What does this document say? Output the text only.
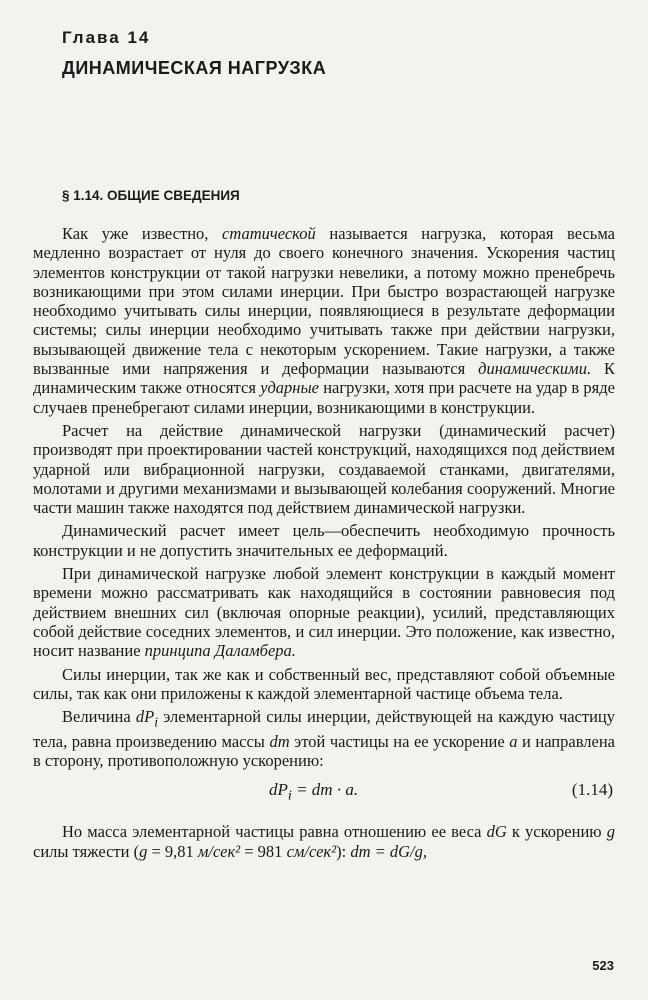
Глава 14
ДИНАМИЧЕСКАЯ НАГРУЗКА
§ 1.14. ОБЩИЕ СВЕДЕНИЯ

Как уже известно, статической называется нагрузка, которая весьма медленно возрастает от нуля до своего конечного значения. Ускорения частиц элементов конструкции от такой нагрузки невелики, а потому можно пренебречь возникающими при этом силами инерции. При быстро возрастающей нагрузке необходимо учитывать силы инерции, появляющиеся в результате деформации системы; силы инерции необходимо учитывать также при действии нагрузки, вызывающей движение тела с некоторым ускорением. Такие нагрузки, а также вызванные ими напряжения и деформации называются динамическими. К динамическим также относятся ударные нагрузки, хотя при расчете на удар в ряде случаев пренебрегают силами инерции, возникающими в конструкции.

Расчет на действие динамической нагрузки (динамический расчет) производят при проектировании частей конструкций, находящихся под действием ударной или вибрационной нагрузки, создаваемой станками, двигателями, молотами и другими механизмами и вызывающей колебания сооружений. Многие части машин также находятся под действием динамической нагрузки.

Динамический расчет имеет цель—обеспечить необходимую прочность конструкции и не допустить значительных ее деформаций.

При динамической нагрузке любой элемент конструкции в каждый момент времени можно рассматривать как находящийся в состоянии равновесия под действием внешних сил (включая опорные реакции), усилий, представляющих собой действие соседних элементов, и сил инерции. Это положение, как известно, носит название принципа Даламбера.

Силы инерции, так же как и собственный вес, представляют собой объемные силы, так как они приложены к каждой элементарной частице объема тела.

Величина $dP_i$ элементарной силы инерции, действующей на каждую частицу тела, равна произведению массы dm этой частицы на ее ускорение a и направлена в сторону, противоположную ускорению:

$dP_i$ = dm · a.	(1.14)

Но масса элементарной частицы равна отношению ее веса dG к ускорению g силы тяжести (g = 9,81 м/сек² = 981 см/сек²): dm = dG/g,

523
